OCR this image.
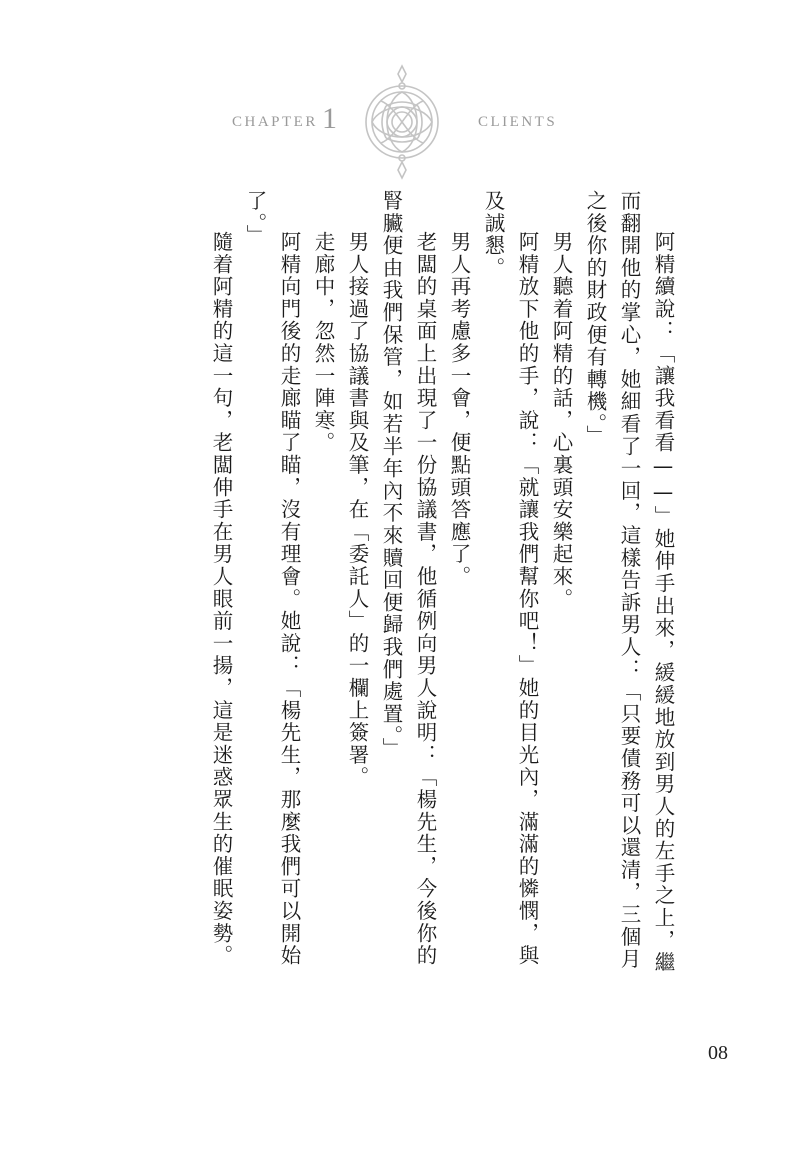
CHAPTER 1	CLIENTS
阿精續說：「讓我看看——」她伸手出來，緩緩地放到男人的左手之上，繼
而翻開他的掌心，她細看了一回，這樣告訴男人：「只要債務可以還清，三個月
之後你的財政便有轉機。」
男人聽着阿精的話，心裏頭安樂起來。
阿精放下他的手，說：「就讓我們幫你吧！」她的目光內，滿滿的憐憫，與
及誠懇。
男人再考慮多一會，便點頭答應了。
老闆的桌面上出現了一份協議書，他循例向男人說明：「楊先生，今後你的
腎臟便由我們保管，如若半年內不來贖回便歸我們處置。」
男人接過了協議書與及筆，在「委託人」的一欄上簽署。
走廊中，忽然一陣寒。
阿精向門後的走廊瞄了瞄，沒有理會。她說：「楊先生，那麼我們可以開始
了。」
隨着阿精的這一句，老闆伸手在男人眼前一揚，這是迷惑眾生的催眠姿勢。
08
